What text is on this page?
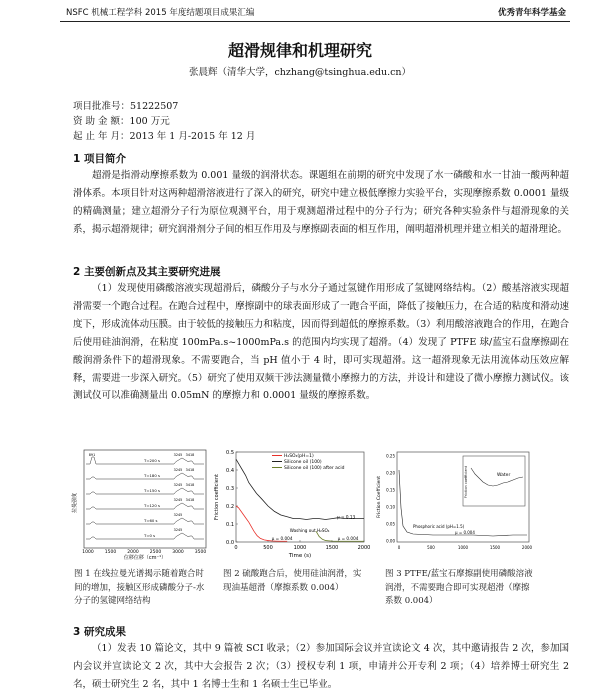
NSFC 机械工程学科 2015 年度结题项目成果汇编	优秀青年科学基金
超滑规律和机理研究
张晨辉（清华大学，chzhang@tsinghua.edu.cn）
项目批准号：51222507
资 助 金 额：100 万元
起 止 年 月：2013 年 1 月-2015 年 12 月
1 项目简介

超滑是指滑动摩擦系数为 0.001 量级的润滑状态。课题组在前期的研究中发现了水一磷酸和水一甘油一酸两种超滑体系。本项目针对这两种超滑溶液进行了深入的研究，研究中建立极低摩擦力实验平台，实现摩擦系数 0.0001 量级的精确测量；建立超滑分子行为原位观测平台，用于观测超滑过程中的分子行为；研究各种实验条件与超滑现象的关系，揭示超滑规律；研究润滑剂分子间的相互作用及与摩擦副表面的相互作用，阐明超滑机理并建立相关的超滑理论。

2 主要创新点及其主要研究进展

（1）发现使用磷酸溶液实现超滑后，磷酸分子与水分子通过氢键作用形成了氢键网络结构。（2）酸基溶液实现超滑需要一个跑合过程。在跑合过程中，摩擦副中的球表面形成了一跑合平面，降低了接触压力，在合适的粘度和滑动速度下，形成流体动压膜。由于较低的接触压力和粘度，因而得到超低的摩擦系数。（3）利用酸溶液跑合的作用，在跑合后使用硅油润滑，在粘度 100mPa.s~1000mPa.s 的范围内均实现了超滑。（4）发现了 PTFE 球/蓝宝石盘摩擦副在酸润滑条件下的超滑现象。不需要跑合，当 pH 值小于 4 时，即可实现超滑。这一超滑现象无法用流体动压效应解释，需要进一步深入研究。（5）研究了使用双频干涉法测量微小摩擦力的方法，并设计和建设了微小摩擦力测试仪。该测试仪可以准确测量出 0.05mN 的摩擦力和 0.0001 量级的摩擦系数。

拉曼强度
T=200 s
891	3245 3418
T=180 s
3245 3418
T=150 s
3245 3418
T=120 s
3245 3418
T=60 s
3245
T=0 s
3245
1000 1500 2000 2500 3000 3500
位移位移（cm⁻¹）
Friction coefficient
Time (s)
0	500	1000	1500	2000
0.0
0.1
0.2
0.3
0.4
0.5
H₂SO₄(pH=1)
Silicone oil (100)
Silicone oil (100) after acid
Washing out H₂SO₄
μ = 0.13
μ = 0.004
μ = 0.004
Friction Coefficient
0.25
0.20
0.15
0.10
0.05
0.00
0	500	1000	1500	2000
Phosphoric acid (pH=1.5)
μ = 0.004
Friction coefficient	Water
图 1 在线拉曼光谱揭示随着跑合时间的增加，接触区形成磷酸分子-水分子的氢键网络结构
图 2 硫酸跑合后，使用硅油润滑，实现油基超滑（摩擦系数 0.004）
图 3 PTFE/蓝宝石摩擦副使用磷酸溶液润滑，不需要跑合即可实现超滑（摩擦系数 0.004）
3 研究成果

（1）发表 10 篇论文，其中 9 篇被 SCI 收录；（2）参加国际会议并宣读论文 4 次，其中邀请报告 2 次，参加国内会议并宣读论文 2 次，其中大会报告 2 次；（3）授权专利 1 项，申请并公开专利 2 项；（4）培养博士研究生 2 名，硕士研究生 2 名，其中 1 名博士生和 1 名硕士生已毕业。
